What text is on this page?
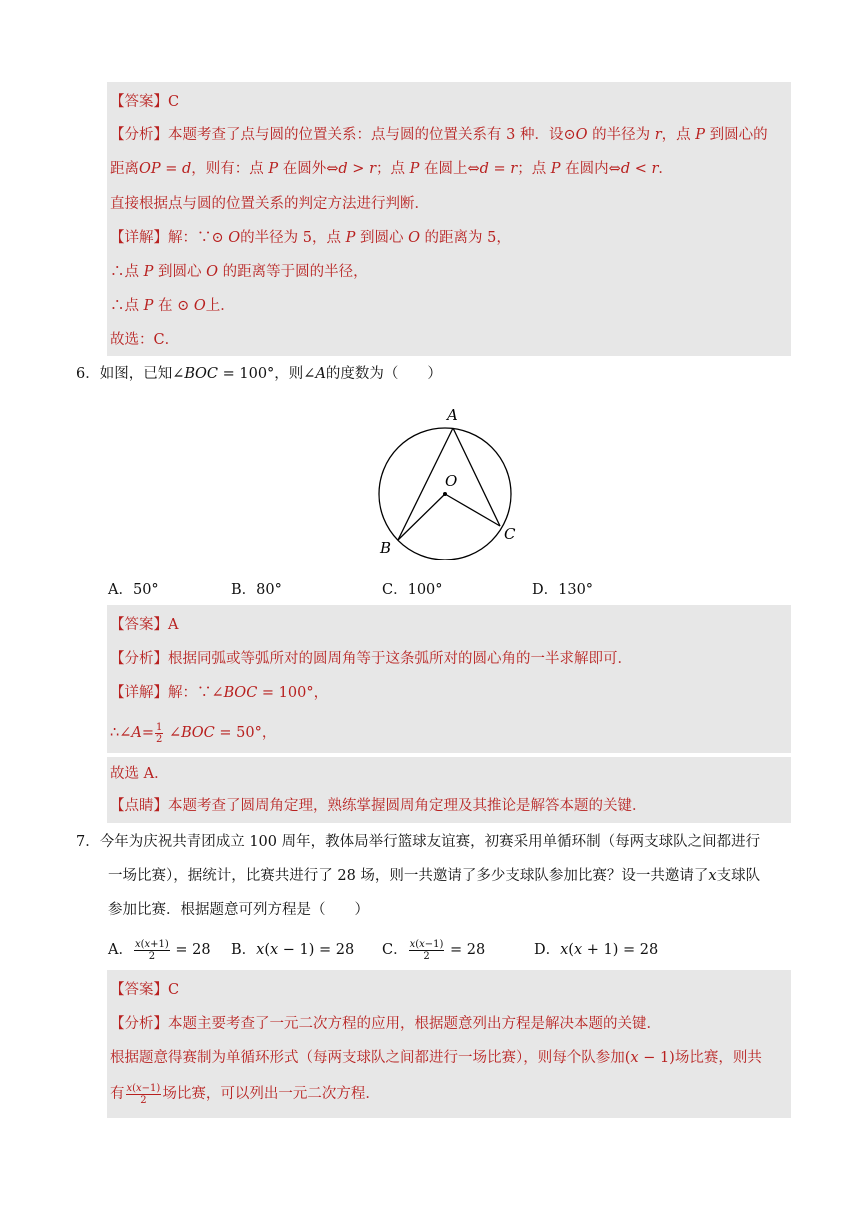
【答案】C
【分析】本题考查了点与圆的位置关系：点与圆的位置关系有 3 种．设⊙𝑂 的半径为 𝑟，点 𝑃 到圆心的
距离𝑂𝑃 = 𝑑，则有：点 𝑃 在圆外⇔𝑑 > 𝑟；点 𝑃 在圆上⇔𝑑 = 𝑟；点 𝑃 在圆内⇔𝑑 < 𝑟．
直接根据点与圆的位置关系的判定方法进行判断．
【详解】解：∵⊙ 𝑂的半径为 5，点 𝑃 到圆心 𝑂 的距离为 5，
∴点 𝑃 到圆心 𝑂 的距离等于圆的半径，
∴点 𝑃 在 ⊙ 𝑂上．
故选：C．
6．如图，已知∠𝐵𝑂𝐶 = 100°，则∠𝐴的度数为（　　）
A
O
B
C
A．50°	B．80°	C．100°	D．130°
【答案】A
【分析】根据同弧或等弧所对的圆周角等于这条弧所对的圆心角的一半求解即可．
【详解】解：∵∠𝐵𝑂𝐶 = 100°，
∴∠𝐴= $\frac{1}{2}$ ∠𝐵𝑂𝐶 = 50°，
故选 A．
【点睛】本题考查了圆周角定理，熟练掌握圆周角定理及其推论是解答本题的关键．
7．今年为庆祝共青团成立 100 周年，教体局举行篮球友谊赛，初赛采用单循环制（每两支球队之间都进行
一场比赛），据统计，比赛共进行了 28 场，则一共邀请了多少支球队参加比赛？设一共邀请了𝑥支球队
参加比赛．根据题意可列方程是（　　）
A． $\frac{\text{𝑥(𝑥+1)}}{2} = 28$ B．𝑥(𝑥 − 1) = 28 C． $\frac{\text{𝑥(𝑥−1)}}{2} = 28$	D．𝑥(𝑥 + 1) = 28
【答案】C
【分析】本题主要考查了一元二次方程的应用，根据题意列出方程是解决本题的关键．
根据题意得赛制为单循环形式（每两支球队之间都进行一场比赛），则每个队参加(𝑥 − 1)场比赛，则共
有 $\frac{\text{𝑥(𝑥−1)}}{2}$ 场比赛，可以列出一元二次方程．
